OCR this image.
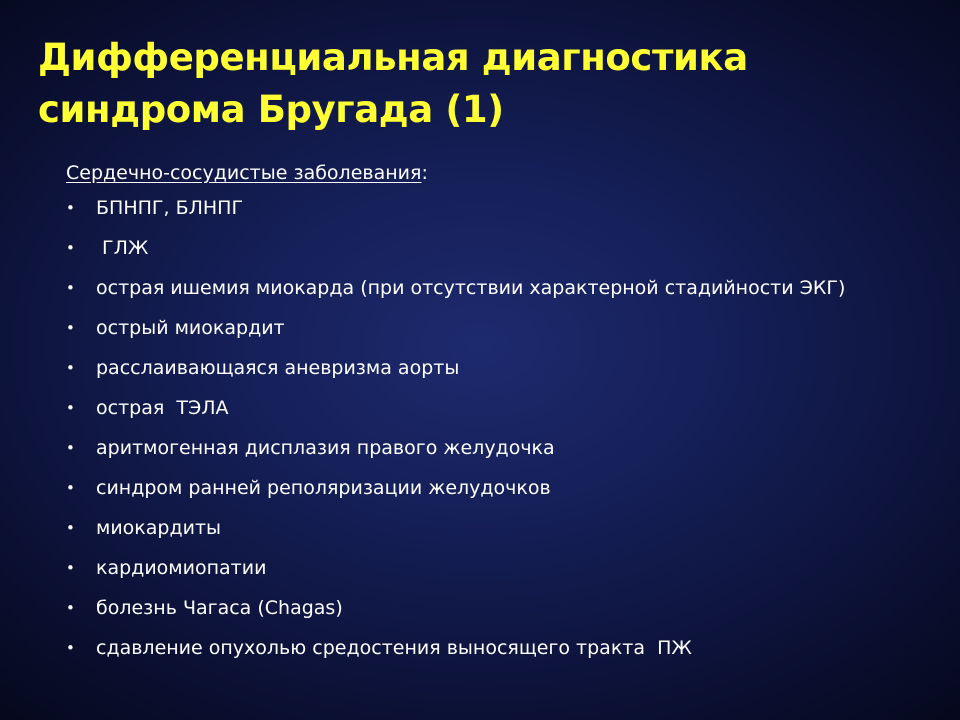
Дифференциальная диагностика
синдрома Бругада (1)
Сердечно-сосудистые заболевания:
• БПНПГ, БЛНПГ
• ГЛЖ
• острая ишемия миокарда (при отсутствии характерной стадийности ЭКГ)
• острый миокардит
• расслаивающаяся аневризма аорты
• острая  ТЭЛА
• аритмогенная дисплазия правого желудочка
• синдром ранней реполяризации желудочков
• миокардиты
• кардиомиопатии
• болезнь Чагаса (Chagas)
• сдавление опухолью средостения выносящего тракта  ПЖ
